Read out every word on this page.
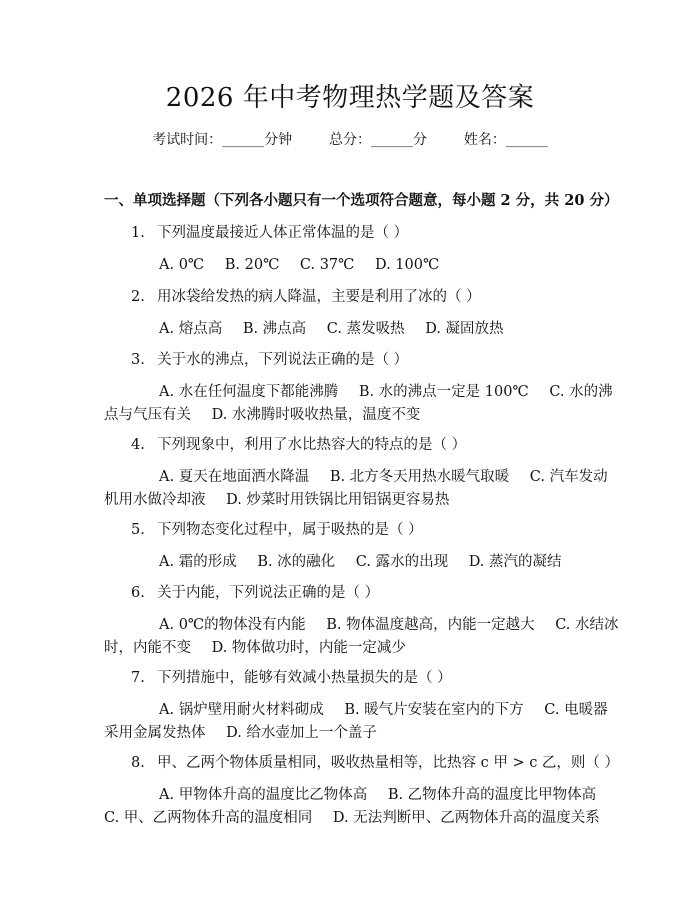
2026 年中考物理热学题及答案
考试时间：______分钟	总分：______分	姓名：______
一、单项选择题（下列各小题只有一个选项符合题意，每小题 2 分，共 20 分）
1. 下列温度最接近人体正常体温的是（ ）
A. 0℃ B. 20℃ C. 37℃ D. 100℃
2. 用冰袋给发热的病人降温，主要是利用了冰的（ ）
A. 熔点高 B. 沸点高 C. 蒸发吸热 D. 凝固放热
3. 关于水的沸点，下列说法正确的是（ ）
A. 水在任何温度下都能沸腾 B. 水的沸点一定是 100℃ C. 水的沸
点与气压有关 D. 水沸腾时吸收热量，温度不变
4. 下列现象中，利用了水比热容大的特点的是（ ）
A. 夏天在地面洒水降温 B. 北方冬天用热水暖气取暖 C. 汽车发动
机用水做冷却液 D. 炒菜时用铁锅比用铝锅更容易热
5. 下列物态变化过程中，属于吸热的是（ ）
A. 霜的形成 B. 冰的融化 C. 露水的出现 D. 蒸汽的凝结
6. 关于内能，下列说法正确的是（ ）
A. 0℃的物体没有内能 B. 物体温度越高，内能一定越大 C. 水结冰
时，内能不变 D. 物体做功时，内能一定减少
7. 下列措施中，能够有效减小热量损失的是（ ）
A. 锅炉壁用耐火材料砌成 B. 暖气片安装在室内的下方 C. 电暖器
采用金属发热体 D. 给水壶加上一个盖子
8. 甲、乙两个物体质量相同，吸收热量相等，比热容 c 甲 > c 乙，则（ ）
A. 甲物体升高的温度比乙物体高 B. 乙物体升高的温度比甲物体高
C. 甲、乙两物体升高的温度相同 D. 无法判断甲、乙两物体升高的温度关系
